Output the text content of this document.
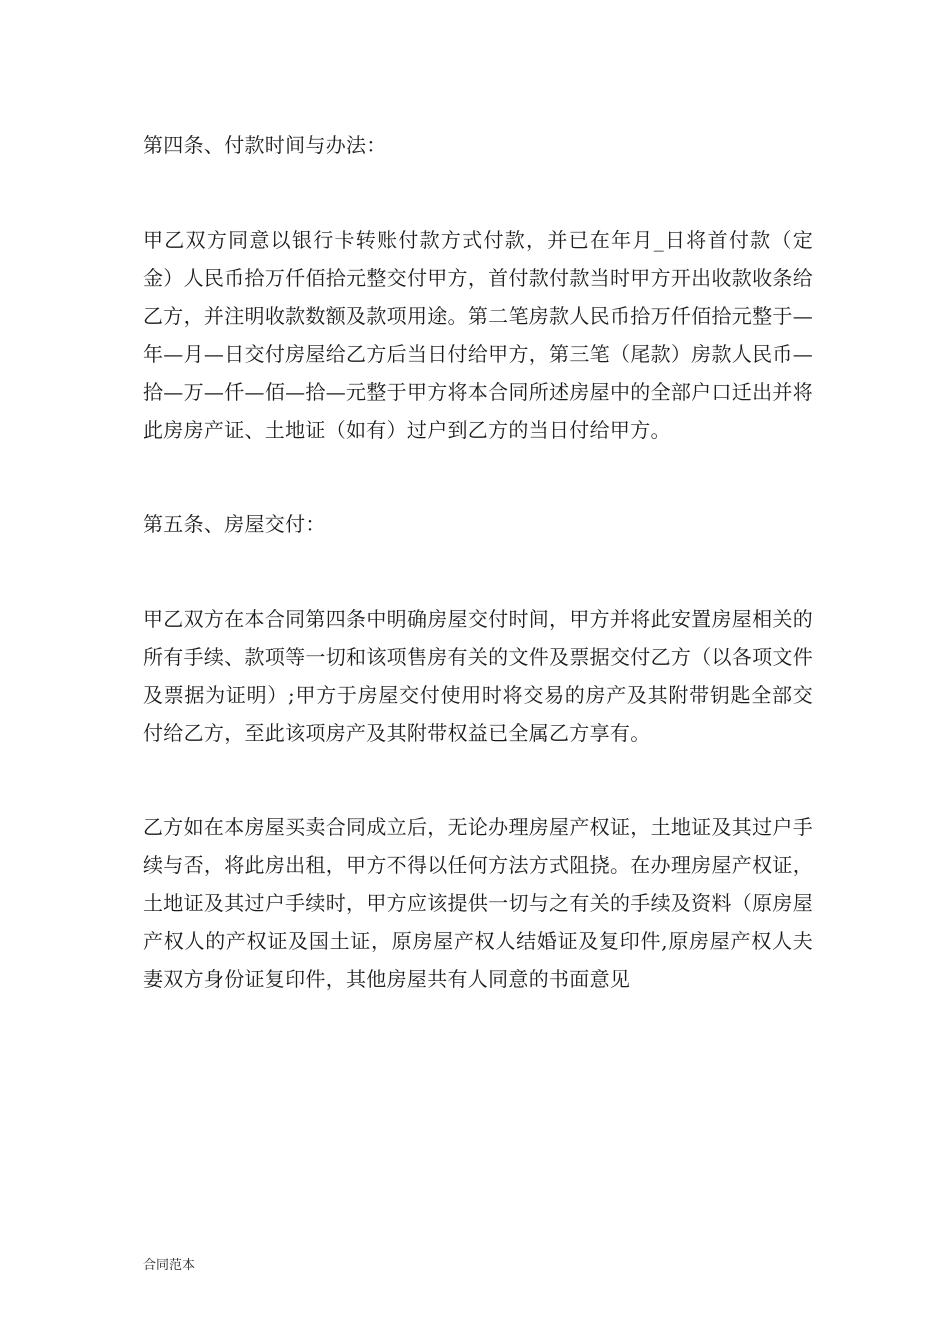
第四条、付款时间与办法：

甲乙双方同意以银行卡转账付款方式付款，并已在年月_日将首付款（定金）人民币拾万仟佰拾元整交付甲方，首付款付款当时甲方开出收款收条给乙方，并注明收款数额及款项用途。第二笔房款人民币拾万仟佰拾元整于—年—月—日交付房屋给乙方后当日付给甲方，第三笔（尾款）房款人民币—拾—万—仟—佰—拾—元整于甲方将本合同所述房屋中的全部户口迁出并将此房房产证、土地证（如有）过户到乙方的当日付给甲方。

第五条、房屋交付：

甲乙双方在本合同第四条中明确房屋交付时间，甲方并将此安置房屋相关的所有手续、款项等一切和该项售房有关的文件及票据交付乙方（以各项文件及票据为证明）;甲方于房屋交付使用时将交易的房产及其附带钥匙全部交付给乙方，至此该项房产及其附带权益已全属乙方享有。

乙方如在本房屋买卖合同成立后，无论办理房屋产权证，土地证及其过户手续与否，将此房出租，甲方不得以任何方法方式阻挠。在办理房屋产权证，土地证及其过户手续时，甲方应该提供一切与之有关的手续及资料（原房屋产权人的产权证及国土证，原房屋产权人结婚证及复印件,原房屋产权人夫妻双方身份证复印件，其他房屋共有人同意的书面意见

合同范本
